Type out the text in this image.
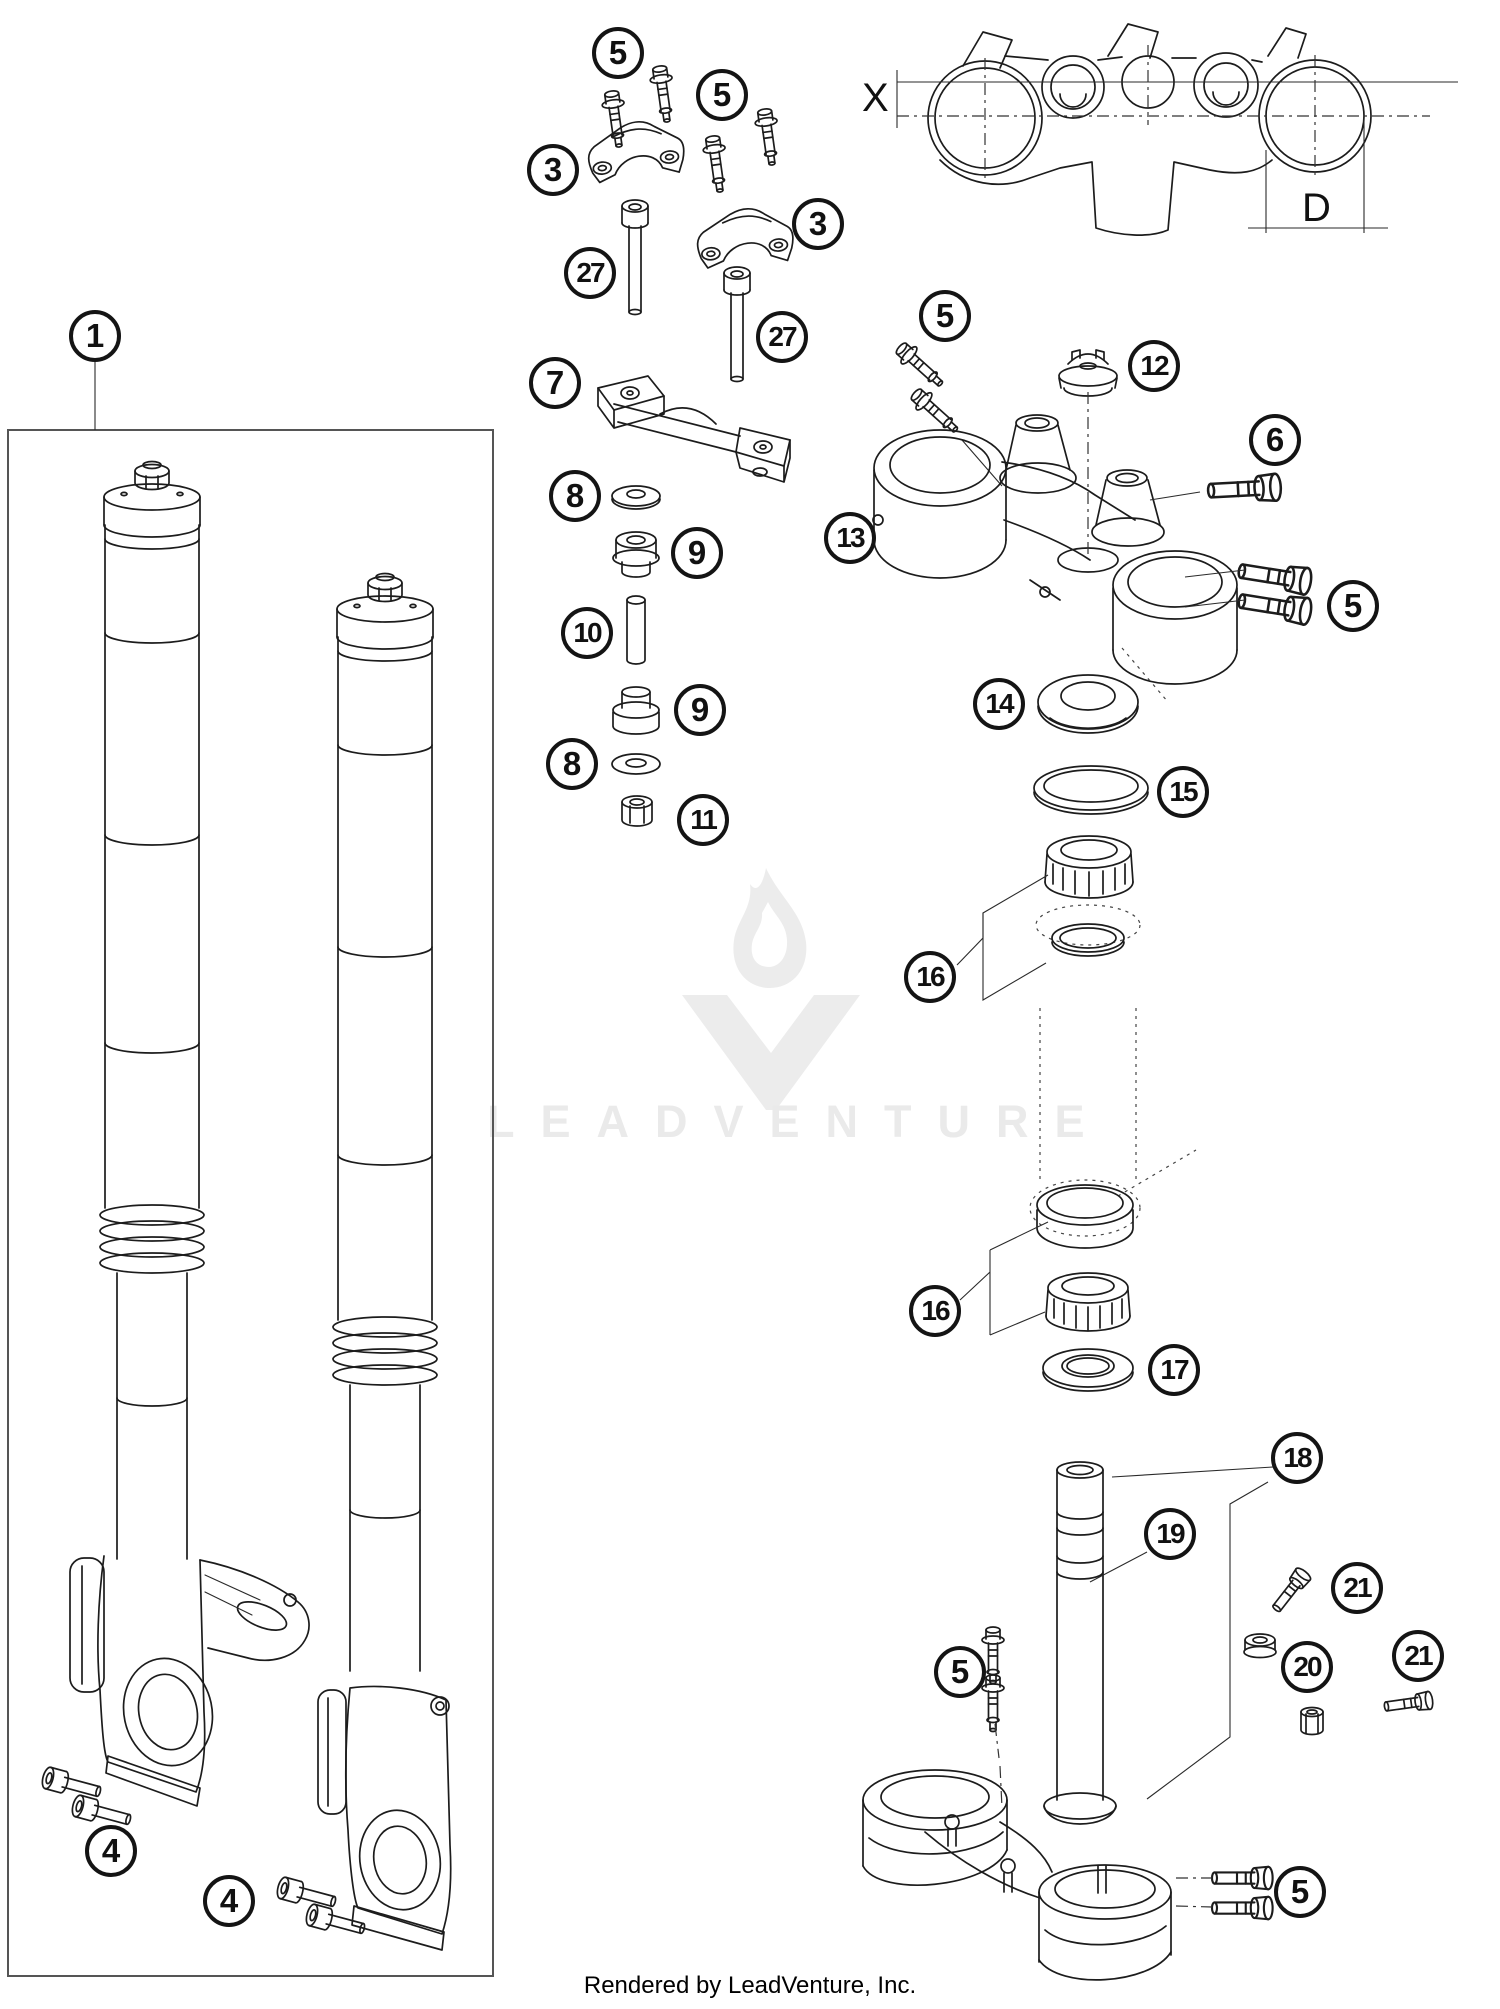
LEADVENTURE
X
D
1
5
5
3
3
27
27
7
8
9
10
9
8
11
5
12
13
6
5
14
15
16
16
17
18
19
21
20	21
5
5
4
4
Rendered by LeadVenture, Inc.
